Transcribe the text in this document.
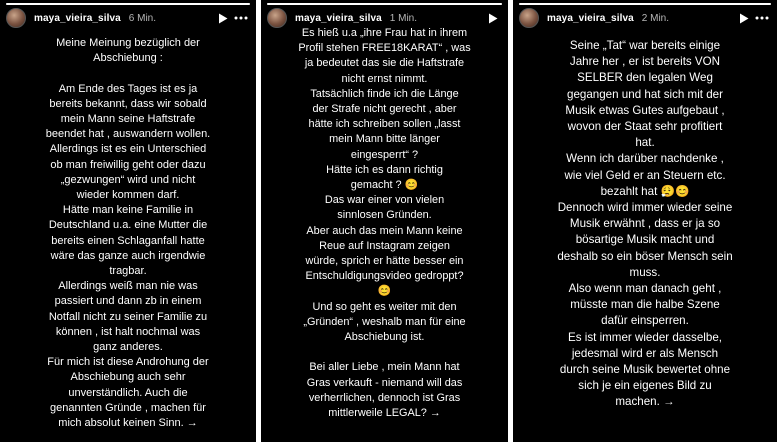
maya_vieira_silva 6 Min.
Meine Meinung bezüglich der
Abschiebung :

Am Ende des Tages ist es ja
bereits bekannt, dass wir sobald
mein Mann seine Haftstrafe
beendet hat , auswandern wollen.
Allerdings ist es ein Unterschied
ob man freiwillig geht oder dazu
„gezwungen“ wird und nicht
wieder kommen darf.
Hätte man keine Familie in
Deutschland u.a. eine Mutter die
bereits einen Schlaganfall hatte
wäre das ganze auch irgendwie
tragbar.
Allerdings weiß man nie was
passiert und dann zb in einem
Notfall nicht zu seiner Familie zu
können , ist halt nochmal was
ganz anderes.
Für mich ist diese Androhung der
Abschiebung auch sehr
unverständlich. Auch die
genannten Gründe , machen für
mich absolut keinen Sinn. →
maya_vieira_silva 1 Min.
Es hieß u.a „ihre Frau hat in ihrem
Profil stehen FREE18KARAT“ , was
ja bedeutet das sie die Haftstrafe
nicht ernst nimmt.
Tatsächlich finde ich die Länge
der Strafe nicht gerecht , aber
hätte ich schreiben sollen „lasst
mein Mann bitte länger
eingesperrt“ ?
Hätte ich es dann richtig
gemacht ? 😊
Das war einer von vielen
sinnlosen Gründen.
Aber auch das mein Mann keine
Reue auf Instagram zeigen
würde, sprich er hätte besser ein
Entschuldigungsvideo gedroppt?
😊
Und so geht es weiter mit den
„Gründen“ , weshalb man für eine
Abschiebung ist.

Bei aller Liebe , mein Mann hat
Gras verkauft - niemand will das
verherrlichen, dennoch ist Gras
mittlerweile LEGAL? →
maya_vieira_silva 2 Min.
Seine „Tat“ war bereits einige
Jahre her , er ist bereits VON
SELBER den legalen Weg
gegangen und hat sich mit der
Musik etwas Gutes aufgebaut ,
wovon der Staat sehr profitiert
hat.
Wenn ich darüber nachdenke ,
wie viel Geld er an Steuern etc.
bezahlt hat 😮‍💨😊
Dennoch wird immer wieder seine
Musik erwähnt , dass er ja so
bösartige Musik macht und
deshalb so ein böser Mensch sein
muss.
Also wenn man danach geht ,
müsste man die halbe Szene
dafür einsperren.
Es ist immer wieder dasselbe,
jedesmal wird er als Mensch
durch seine Musik bewertet ohne
sich je ein eigenes Bild zu
machen. →
